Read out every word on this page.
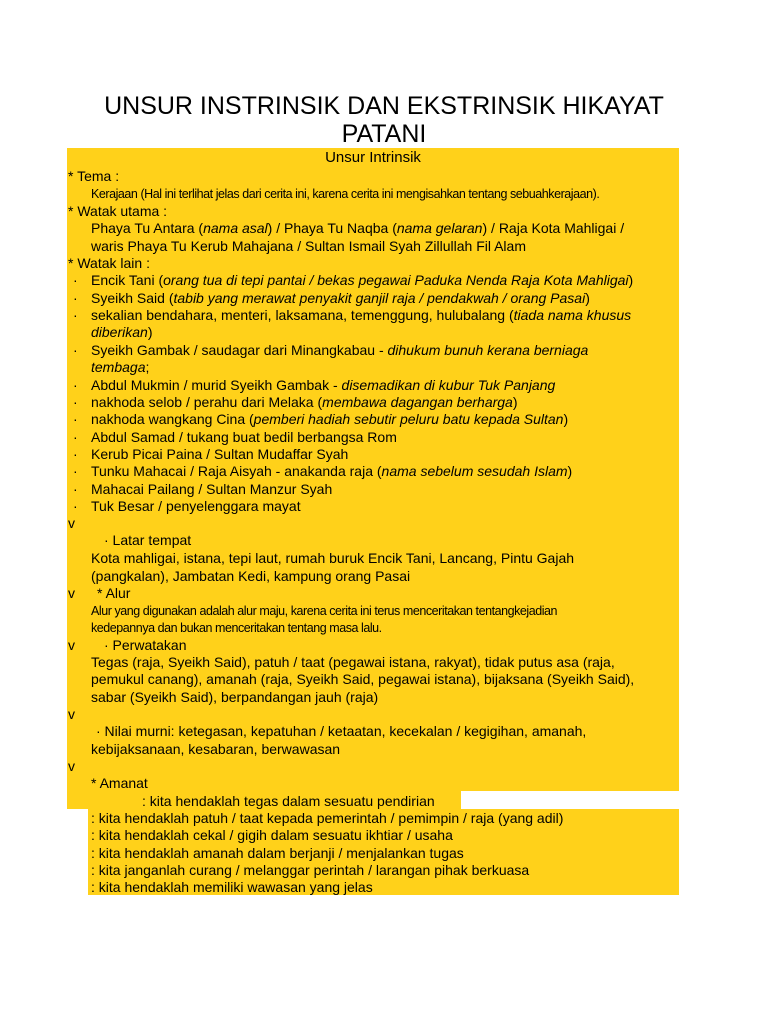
UNSUR INSTRINSIK DAN EKSTRINSIK HIKAYAT
PATANI
Unsur Intrinsik
* Tema :
Kerajaan (Hal ini terlihat jelas dari cerita ini, karena cerita ini mengisahkan tentang sebuahkerajaan).
* Watak utama :
Phaya Tu Antara (nama asal) / Phaya Tu Naqba (nama gelaran) / Raja Kota Mahligai /
waris Phaya Tu Kerub Mahajana / Sultan Ismail Syah Zillullah Fil Alam
* Watak lain :
· Encik Tani (orang tua di tepi pantai / bekas pegawai Paduka Nenda Raja Kota Mahligai)
· Syeikh Said (tabib yang merawat penyakit ganjil raja / pendakwah / orang Pasai)
· sekalian bendahara, menteri, laksamana, temenggung, hulubalang (tiada nama khusus
diberikan)
· Syeikh Gambak / saudagar dari Minangkabau - dihukum bunuh kerana berniaga
tembaga;
· Abdul Mukmin / murid Syeikh Gambak - disemadikan di kubur Tuk Panjang
· nakhoda selob / perahu dari Melaka (membawa dagangan berharga)
· nakhoda wangkang Cina (pemberi hadiah sebutir peluru batu kepada Sultan)
· Abdul Samad / tukang buat bedil berbangsa Rom
· Kerub Picai Paina / Sultan Mudaffar Syah
· Tunku Mahacai / Raja Aisyah - anakanda raja (nama sebelum sesudah Islam)
· Mahacai Pailang / Sultan Manzur Syah
· Tuk Besar / penyelenggara mayat
v
· Latar tempat
Kota mahligai, istana, tepi laut, rumah buruk Encik Tani, Lancang, Pintu Gajah
(pangkalan), Jambatan Kedi, kampung orang Pasai
v * Alur
Alur yang digunakan adalah alur maju, karena cerita ini terus menceritakan tentangkejadian
kedepannya dan bukan menceritakan tentang masa lalu.
v · Perwatakan
Tegas (raja, Syeikh Said), patuh / taat (pegawai istana, rakyat), tidak putus asa (raja,
pemukul canang), amanah (raja, Syeikh Said, pegawai istana), bijaksana (Syeikh Said),
sabar (Syeikh Said), berpandangan jauh (raja)
v
· Nilai murni: ketegasan, kepatuhan / ketaatan, kecekalan / kegigihan, amanah,
kebijaksanaan, kesabaran, berwawasan
v
* Amanat
: kita hendaklah tegas dalam sesuatu pendirian
: kita hendaklah patuh / taat kepada pemerintah / pemimpin / raja (yang adil)
: kita hendaklah cekal / gigih dalam sesuatu ikhtiar / usaha
: kita hendaklah amanah dalam berjanji / menjalankan tugas
: kita janganlah curang / melanggar perintah / larangan pihak berkuasa
: kita hendaklah memiliki wawasan yang jelas
